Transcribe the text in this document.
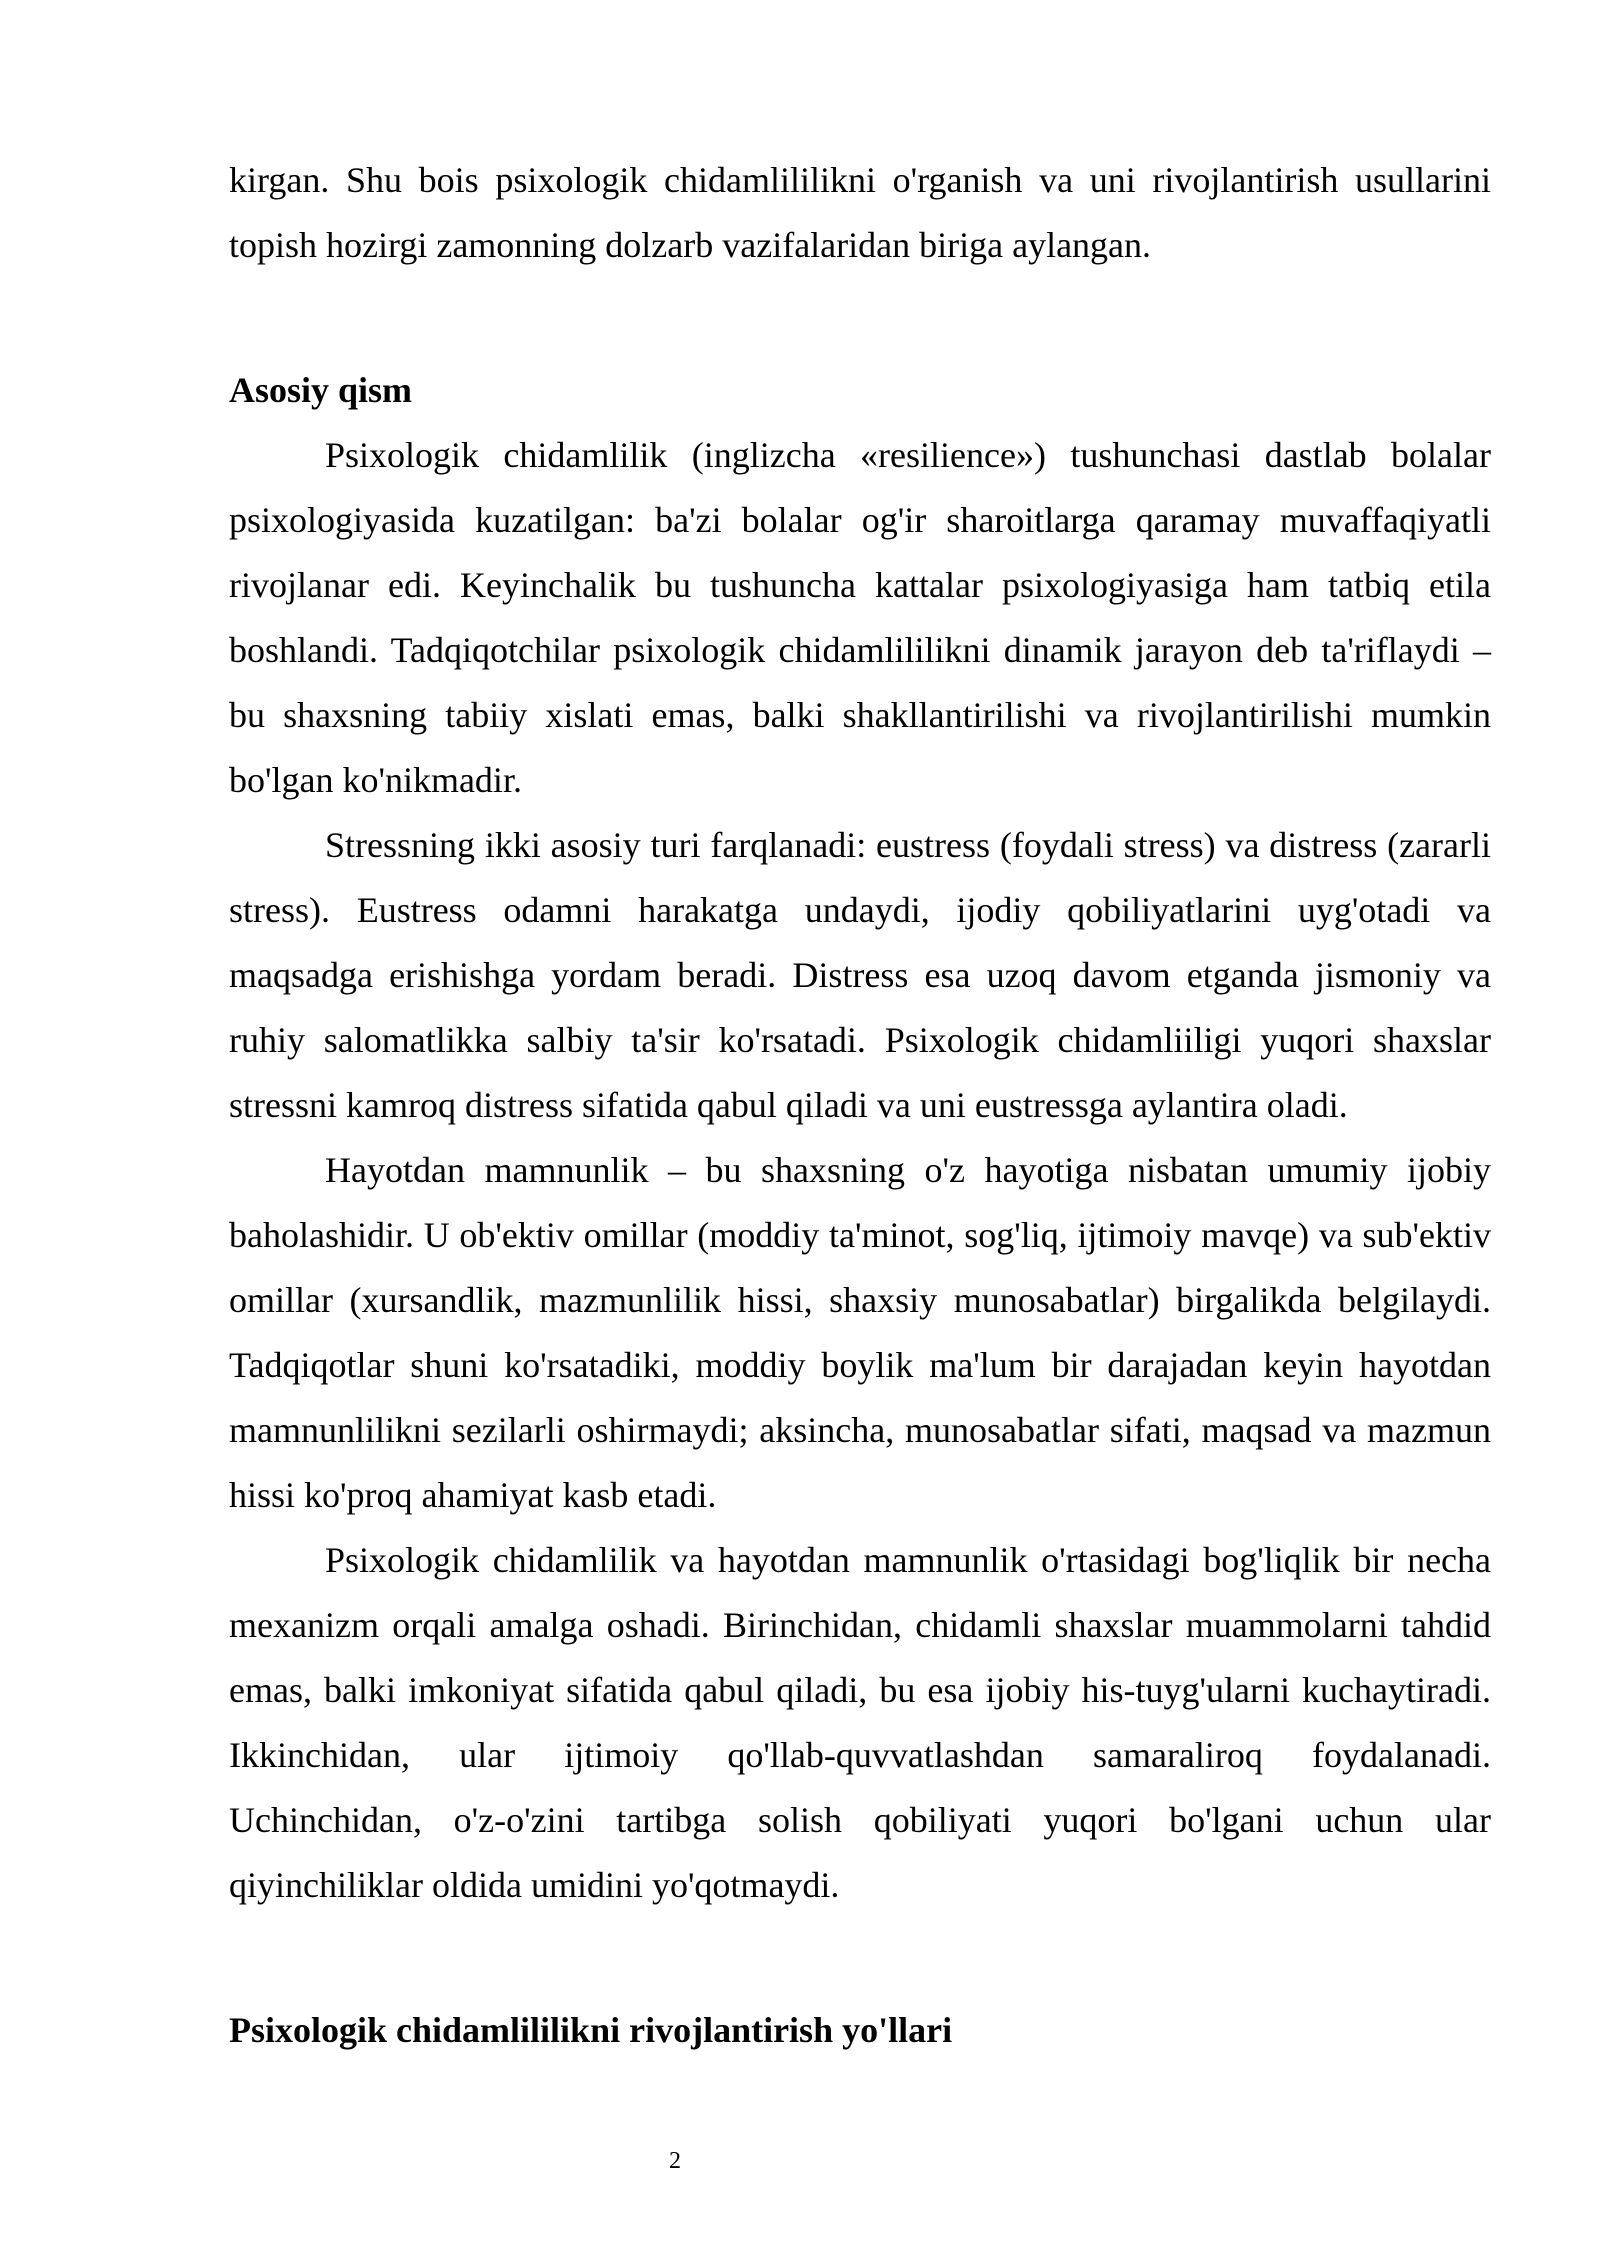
kirgan. Shu bois psixologik chidamlililikni o'rganish va uni rivojlantirish usullarini topish hozirgi zamonning dolzarb vazifalaridan biriga aylangan.

Asosiy qism

Psixologik chidamlilik (inglizcha «resilience») tushunchasi dastlab bolalar psixologiyasida kuzatilgan: ba'zi bolalar og'ir sharoitlarga qaramay muvaffaqiyatli rivojlanar edi. Keyinchalik bu tushuncha kattalar psixologiyasiga ham tatbiq etila boshlandi. Tadqiqotchilar psixologik chidamlililikni dinamik jarayon deb ta'riflaydi – bu shaxsning tabiiy xislati emas, balki shakllantirilishi va rivojlantirilishi mumkin bo'lgan ko'nikmadir.

Stressning ikki asosiy turi farqlanadi: eustress (foydali stress) va distress (zararli stress). Eustress odamni harakatga undaydi, ijodiy qobiliyatlarini uyg'otadi va maqsadga erishishga yordam beradi. Distress esa uzoq davom etganda jismoniy va ruhiy salomatlikka salbiy ta'sir ko'rsatadi. Psixologik chidamliiligi yuqori shaxslar stressni kamroq distress sifatida qabul qiladi va uni eustressga aylantira oladi.

Hayotdan mamnunlik – bu shaxsning o'z hayotiga nisbatan umumiy ijobiy baholashidir. U ob'ektiv omillar (moddiy ta'minot, sog'liq, ijtimoiy mavqe) va sub'ektiv omillar (xursandlik, mazmunlilik hissi, shaxsiy munosabatlar) birgalikda belgilaydi. Tadqiqotlar shuni ko'rsatadiki, moddiy boylik ma'lum bir darajadan keyin hayotdan mamnunlilikni sezilarli oshirmaydi; aksincha, munosabatlar sifati, maqsad va mazmun hissi ko'proq ahamiyat kasb etadi.

Psixologik chidamlilik va hayotdan mamnunlik o'rtasidagi bog'liqlik bir necha mexanizm orqali amalga oshadi. Birinchidan, chidamli shaxslar muammolarni tahdid emas, balki imkoniyat sifatida qabul qiladi, bu esa ijobiy his-tuyg'ularni kuchaytiradi. Ikkinchidan, ular ijtimoiy qo'llab-quvvatlashdan samaraliroq foydalanadi. Uchinchidan, o'z-o'zini tartibga solish qobiliyati yuqori bo'lgani uchun ular qiyinchiliklar oldida umidini yo'qotmaydi.

Psixologik chidamlililikni rivojlantirish yo'llari
2
